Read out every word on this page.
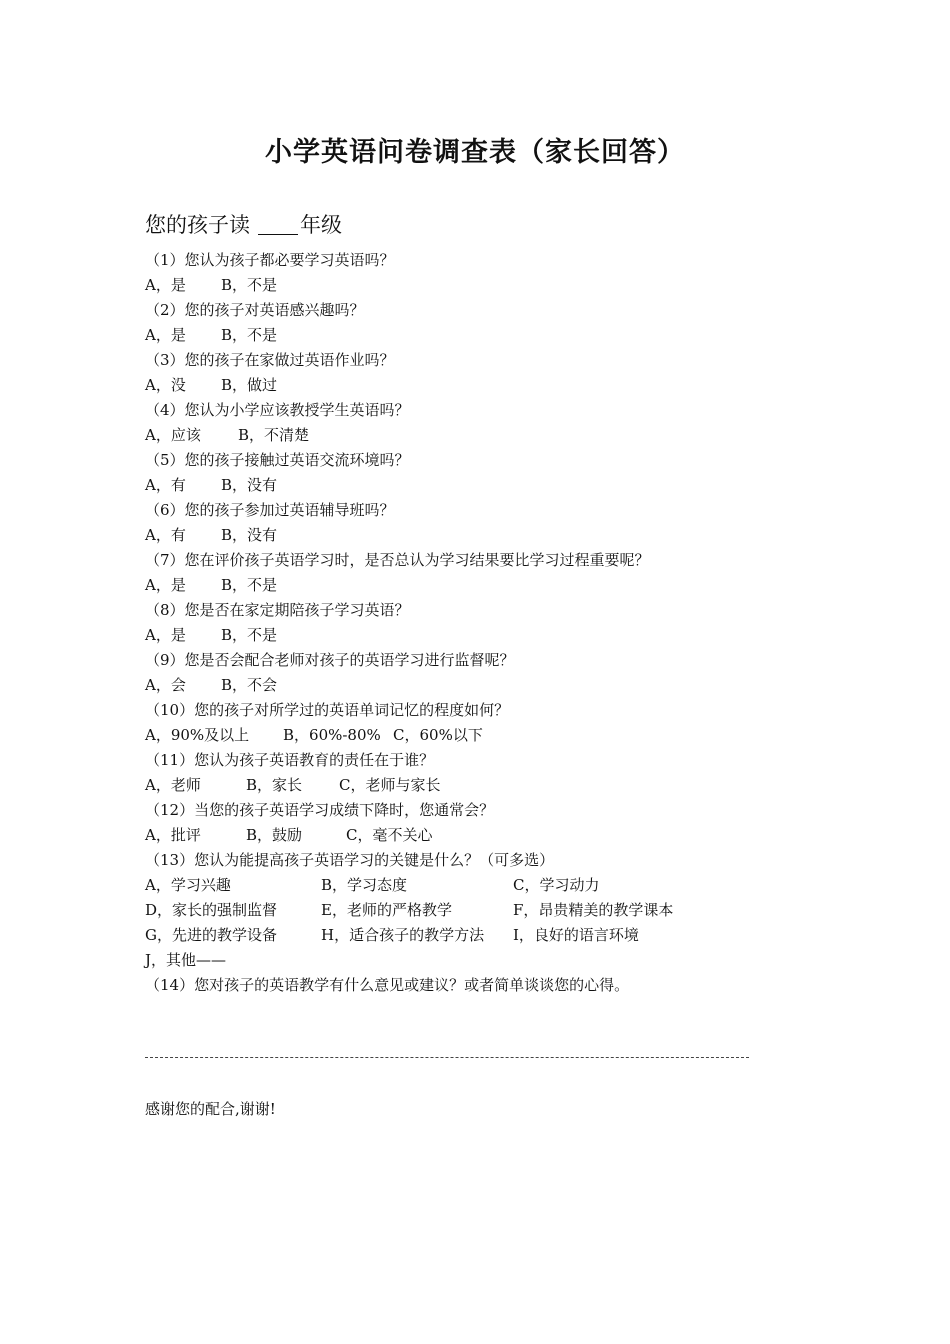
小学英语问卷调查表（家长回答）
您的孩子读 年级
（1）您认为孩子都必要学习英语吗？
A，是 B，不是
（2）您的孩子对英语感兴趣吗？
A，是 B，不是
（3）您的孩子在家做过英语作业吗？
A，没 B，做过
（4）您认为小学应该教授学生英语吗？
A，应该 B，不清楚
（5）您的孩子接触过英语交流环境吗？
A，有 B，没有
（6）您的孩子参加过英语辅导班吗？
A，有 B，没有
（7）您在评价孩子英语学习时，是否总认为学习结果要比学习过程重要呢？
A，是 B，不是
（8）您是否在家定期陪孩子学习英语？
A，是 B，不是
（9）您是否会配合老师对孩子的英语学习进行监督呢？
A，会 B，不会
（10）您的孩子对所学过的英语单词记忆的程度如何？
A，90%及以上 B，60%-80% C，60%以下
（11）您认为孩子英语教育的责任在于谁？
A，老师	B，家长 C，老师与家长
（12）当您的孩子英语学习成绩下降时，您通常会？
A，批评	B，鼓励	C，毫不关心
（13）您认为能提高孩子英语学习的关键是什么？（可多选）
A，学习兴趣	B，学习态度	C，学习动力
D，家长的强制监督	E，老师的严格教学	F，昂贵精美的教学课本
G，先进的教学设备	H，适合孩子的教学方法 I，良好的语言环境
J，其他——
（14）您对孩子的英语教学有什么意见或建议？或者简单谈谈您的心得。
感谢您的配合,谢谢!
